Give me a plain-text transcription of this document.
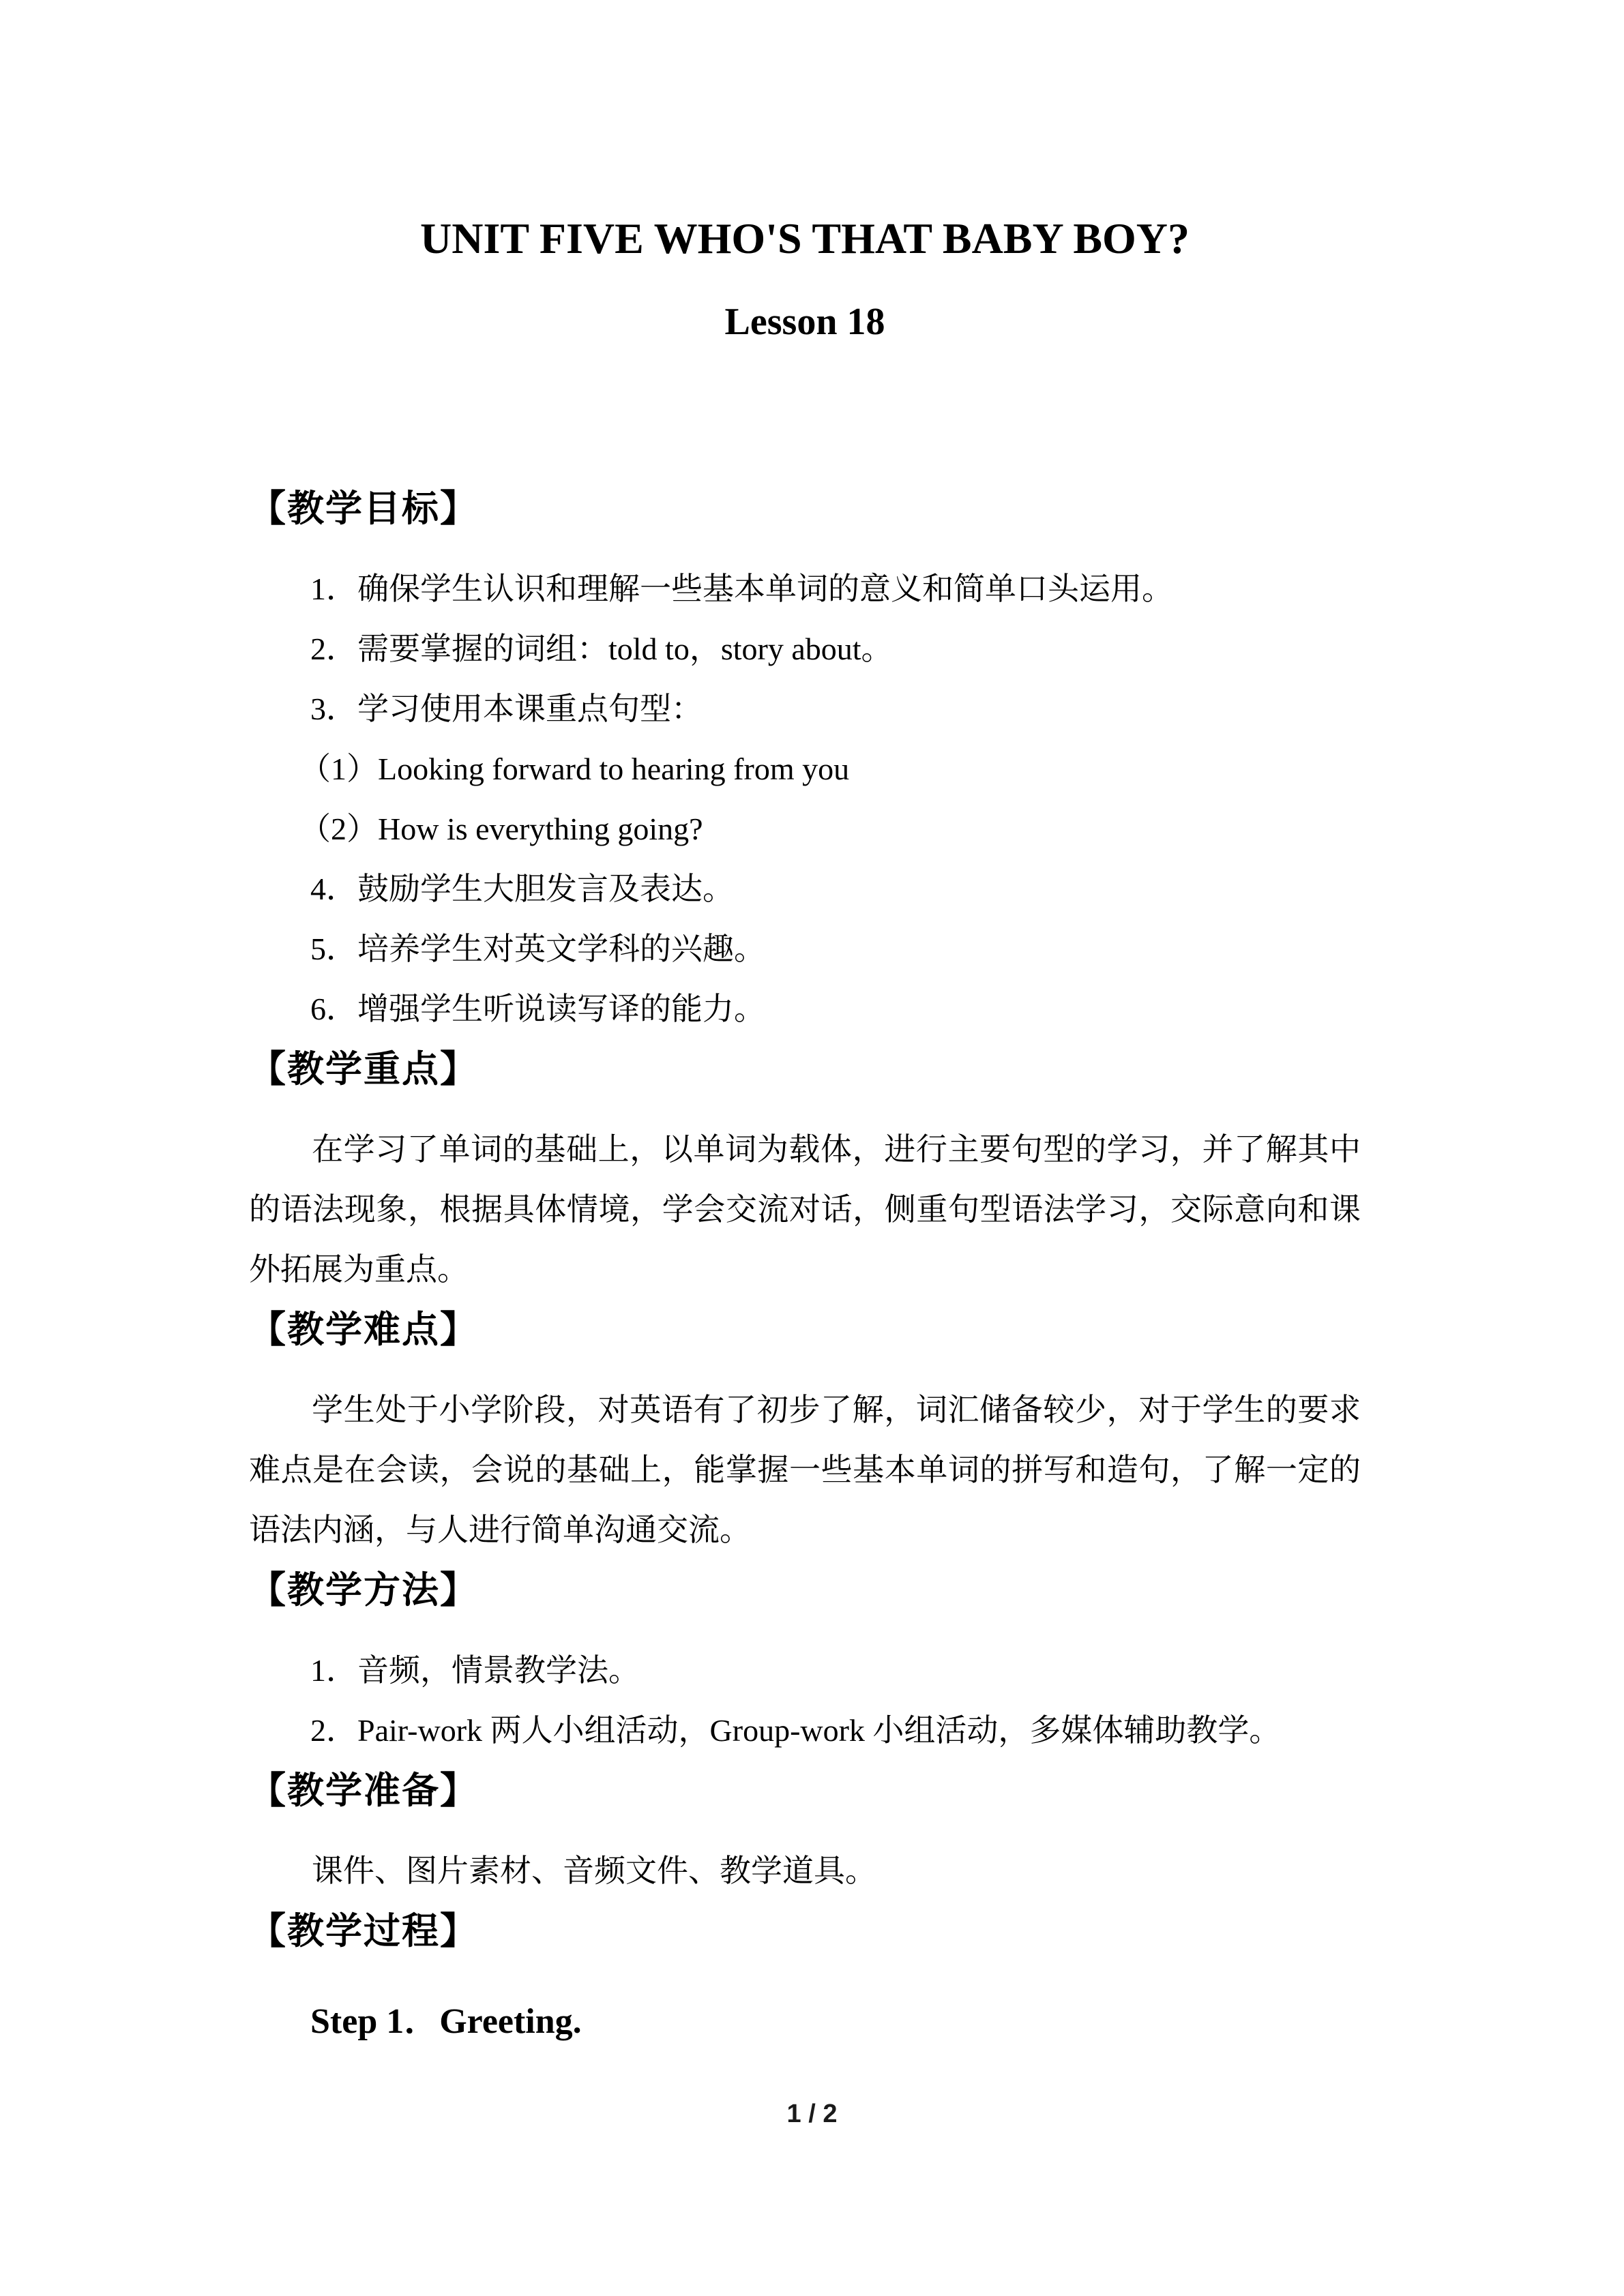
UNIT FIVE WHO'S THAT BABY BOY?
Lesson 18
【教学目标】
1．确保学生认识和理解一些基本单词的意义和简单口头运用。
2．需要掌握的词组：told to，story about。
3．学习使用本课重点句型：
（1）Looking forward to hearing from you
（2）How is everything going?
4．鼓励学生大胆发言及表达。
5．培养学生对英文学科的兴趣。
6．增强学生听说读写译的能力。
【教学重点】

在学习了单词的基础上，以单词为载体，进行主要句型的学习，并了解其中的语法现象，根据具体情境，学会交流对话，侧重句型语法学习，交际意向和课外拓展为重点。

【教学难点】

学生处于小学阶段，对英语有了初步了解，词汇储备较少，对于学生的要求难点是在会读，会说的基础上，能掌握一些基本单词的拼写和造句，了解一定的语法内涵，与人进行简单沟通交流。

【教学方法】
1．音频，情景教学法。
2．Pair-work 两人小组活动，Group-work 小组活动，多媒体辅助教学。
【教学准备】
课件、图片素材、音频文件、教学道具。
【教学过程】
Step 1．Greeting.
1 / 2
